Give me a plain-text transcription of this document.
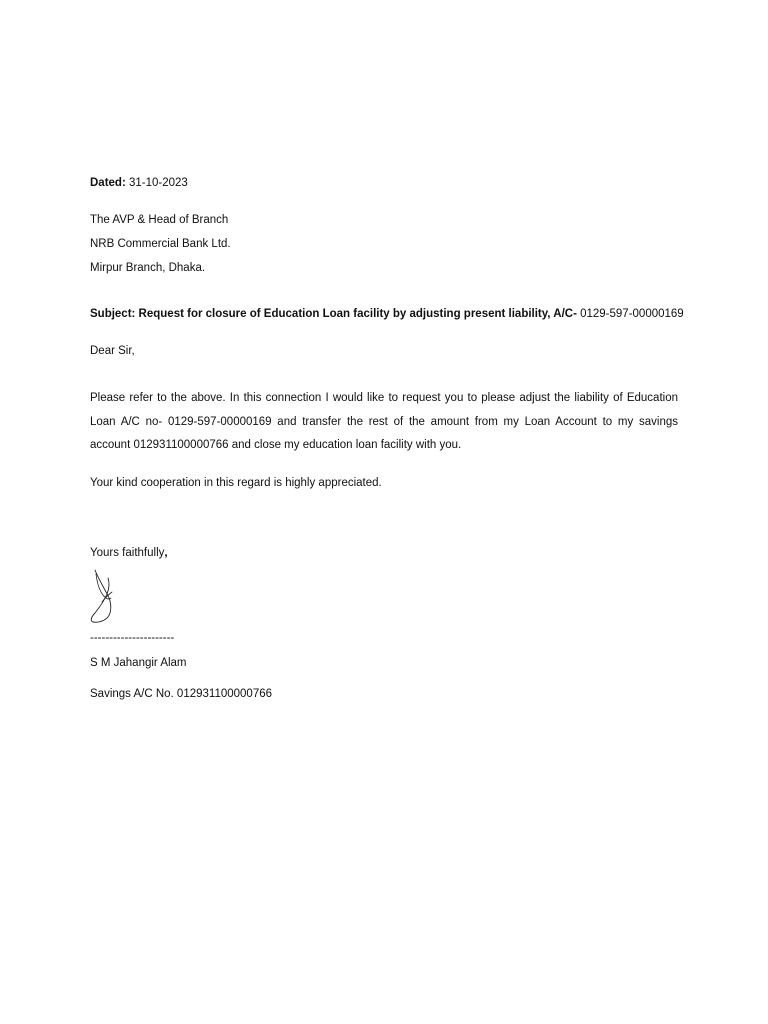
Dated: 31-10-2023
The AVP & Head of Branch
NRB Commercial Bank Ltd.
Mirpur Branch, Dhaka.
Subject: Request for closure of Education Loan facility by adjusting present liability, A/C- 0129-597-00000169
Dear Sir,
Please refer to the above. In this connection I would like to request you to please adjust the liability of Education Loan A/C no- 0129-597-00000169 and transfer the rest of the amount from my Loan Account to my savings account 012931100000766 and close my education loan facility with you.
Your kind cooperation in this regard is highly appreciated.
Yours faithfully,
----------------------
S M Jahangir Alam
Savings A/C No. 012931100000766
